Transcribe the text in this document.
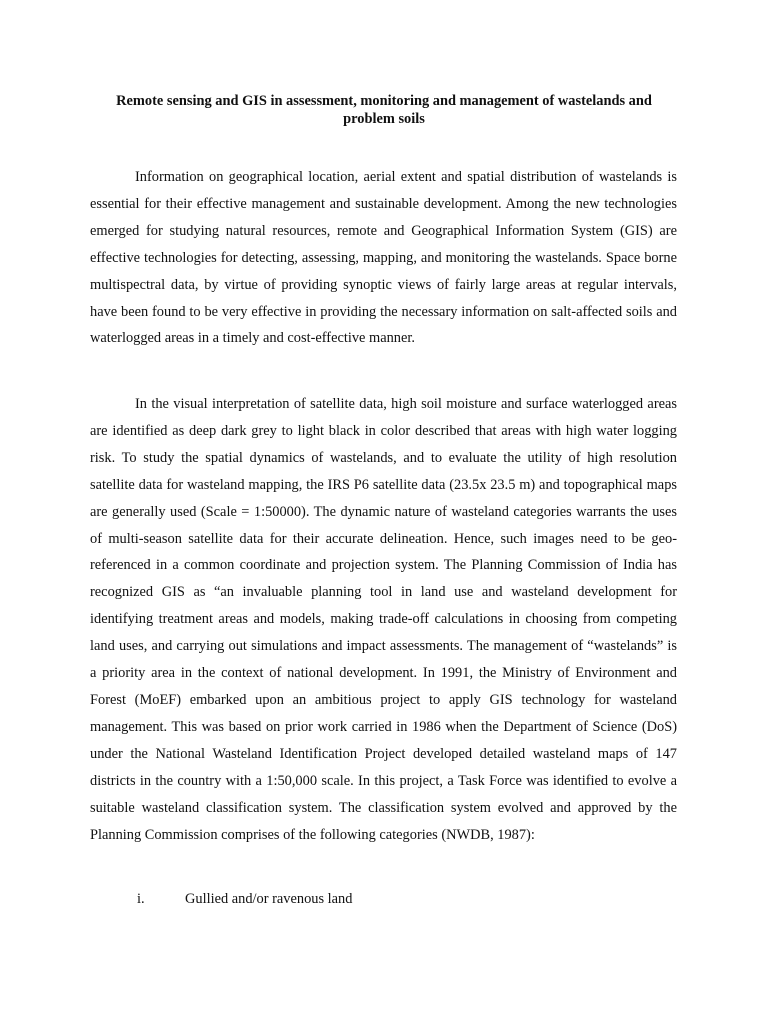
Remote sensing and GIS in assessment, monitoring and management of wastelands and problem soils

Information on geographical location, aerial extent and spatial distribution of wastelands is essential for their effective management and sustainable development. Among the new technologies emerged for studying natural resources, remote and Geographical Information System (GIS) are effective technologies for detecting, assessing, mapping, and monitoring the wastelands. Space borne multispectral data, by virtue of providing synoptic views of fairly large areas at regular intervals, have been found to be very effective in providing the necessary information on salt-affected soils and waterlogged areas in a timely and cost-effective manner.

In the visual interpretation of satellite data, high soil moisture and surface waterlogged areas are identified as deep dark grey to light black in color described that areas with high water logging risk. To study the spatial dynamics of wastelands, and to evaluate the utility of high resolution satellite data for wasteland mapping, the IRS P6 satellite data (23.5x 23.5 m) and topographical maps are generally used (Scale = 1:50000). The dynamic nature of wasteland categories warrants the uses of multi-season satellite data for their accurate delineation. Hence, such images need to be geo-referenced in a common coordinate and projection system. The Planning Commission of India has recognized GIS as “an invaluable planning tool in land use and wasteland development for identifying treatment areas and models, making trade-off calculations in choosing from competing land uses, and carrying out simulations and impact assessments. The management of “wastelands” is a priority area in the context of national development. In 1991, the Ministry of Environment and Forest (MoEF) embarked upon an ambitious project to apply GIS technology for wasteland management. This was based on prior work carried in 1986 when the Department of Science (DoS) under the National Wasteland Identification Project developed detailed wasteland maps of 147 districts in the country with a 1:50,000 scale. In this project, a Task Force was identified to evolve a suitable wasteland classification system. The classification system evolved and approved by the Planning Commission comprises of the following categories (NWDB, 1987):

i.	Gullied and/or ravenous land
